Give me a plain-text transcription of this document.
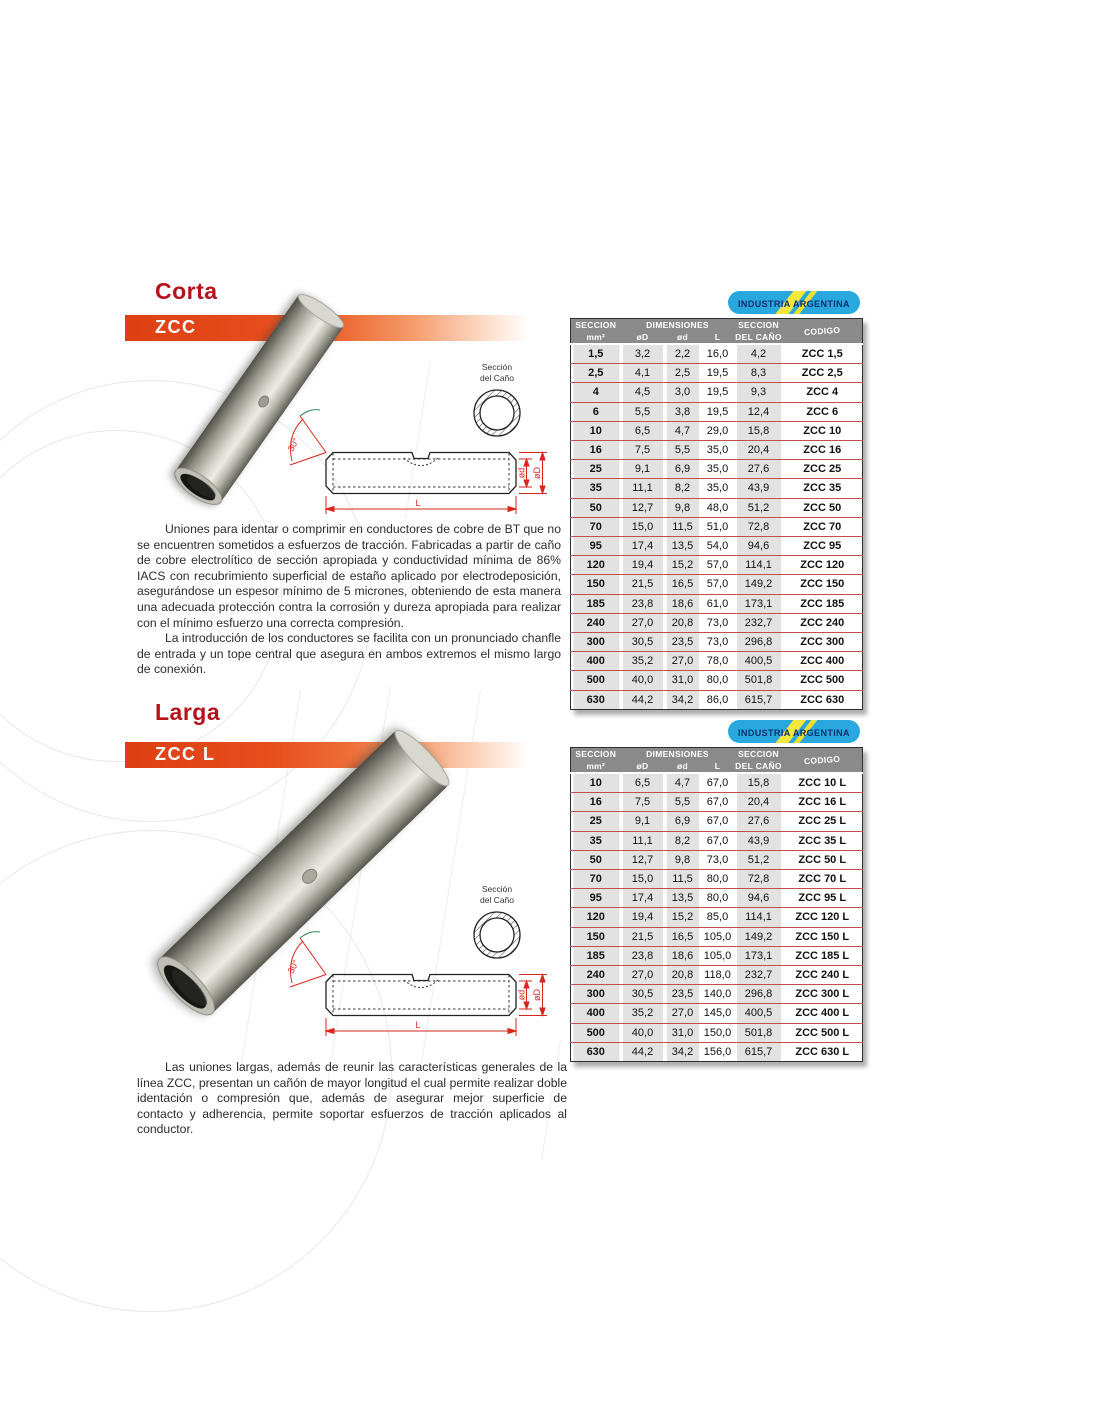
Corta
ZCC
Sección
del Caño
L
ød øD
30°

Uniones para identar o comprimir en conductores de cobre de BT que no se encuentren sometidos a esfuerzos de tracción. Fabricadas a partir de caño de cobre electrolítico de sección apropiada y conductividad mínima de 86% IACS con recubrimiento superficial de estaño aplicado por electrodeposición, asegurándose un espesor mínimo de 5 micrones, obteniendo de esta manera una adecuada protección contra la corrosión y dureza apropiada para realizar con el mínimo esfuerzo una correcta compresión.

La introducción de los conductores se facilita con un pronunciado chanfle de entrada y un tope central que asegura en ambos extremos el mismo largo de conexión.

INDUSTRIA ARGENTINA
SECCION	DIMENSIONES			SECCION	CODIGO
mm²	øD	ød	L	DEL CAÑO	
1,5	3,2	2,2	16,0	4,2	ZCC 1,5
2,5	4,1	2,5	19,5	8,3	ZCC 2,5
4	4,5	3,0	19,5	9,3	ZCC 4
6	5,5	3,8	19,5	12,4	ZCC 6
10	6,5	4,7	29,0	15,8	ZCC 10
16	7,5	5,5	35,0	20,4	ZCC 16
25	9,1	6,9	35,0	27,6	ZCC 25
35	11,1	8,2	35,0	43,9	ZCC 35
50	12,7	9,8	48,0	51,2	ZCC 50
70	15,0	11,5	51,0	72,8	ZCC 70
95	17,4	13,5	54,0	94,6	ZCC 95
120	19,4	15,2	57,0	114,1	ZCC 120
150	21,5	16,5	57,0	149,2	ZCC 150
185	23,8	18,6	61,0	173,1	ZCC 185
240	27,0	20,8	73,0	232,7	ZCC 240
300	30,5	23,5	73,0	296,8	ZCC 300
400	35,2	27,0	78,0	400,5	ZCC 400
500	40,0	31,0	80,0	501,8	ZCC 500
630	44,2	34,2	86,0	615,7	ZCC 630
Larga
ZCC L
Sección
del Caño
L
ød øD
30°

Las uniones largas, además de reunir las características generales de la línea ZCC, presentan un cañón de mayor longitud el cual permite realizar doble identación o compresión que, además de asegurar mejor superficie de contacto y adherencia, permite soportar esfuerzos de tracción aplicados al conductor.

INDUSTRIA ARGENTINA
SECCION	DIMENSIONES			SECCION	CODIGO
mm²	øD	ød	L	DEL CAÑO	
10	6,5	4,7	67,0	15,8	ZCC 10 L
16	7,5	5,5	67,0	20,4	ZCC 16 L
25	9,1	6,9	67,0	27,6	ZCC 25 L
35	11,1	8,2	67,0	43,9	ZCC 35 L
50	12,7	9,8	73,0	51,2	ZCC 50 L
70	15,0	11,5	80,0	72,8	ZCC 70 L
95	17,4	13,5	80,0	94,6	ZCC 95 L
120	19,4	15,2	85,0	114,1	ZCC 120 L
150	21,5	16,5	105,0	149,2	ZCC 150 L
185	23,8	18,6	105,0	173,1	ZCC 185 L
240	27,0	20,8	118,0	232,7	ZCC 240 L
300	30,5	23,5	140,0	296,8	ZCC 300 L
400	35,2	27,0	145,0	400,5	ZCC 400 L
500	40,0	31,0	150,0	501,8	ZCC 500 L
630	44,2	34,2	156,0	615,7	ZCC 630 L
